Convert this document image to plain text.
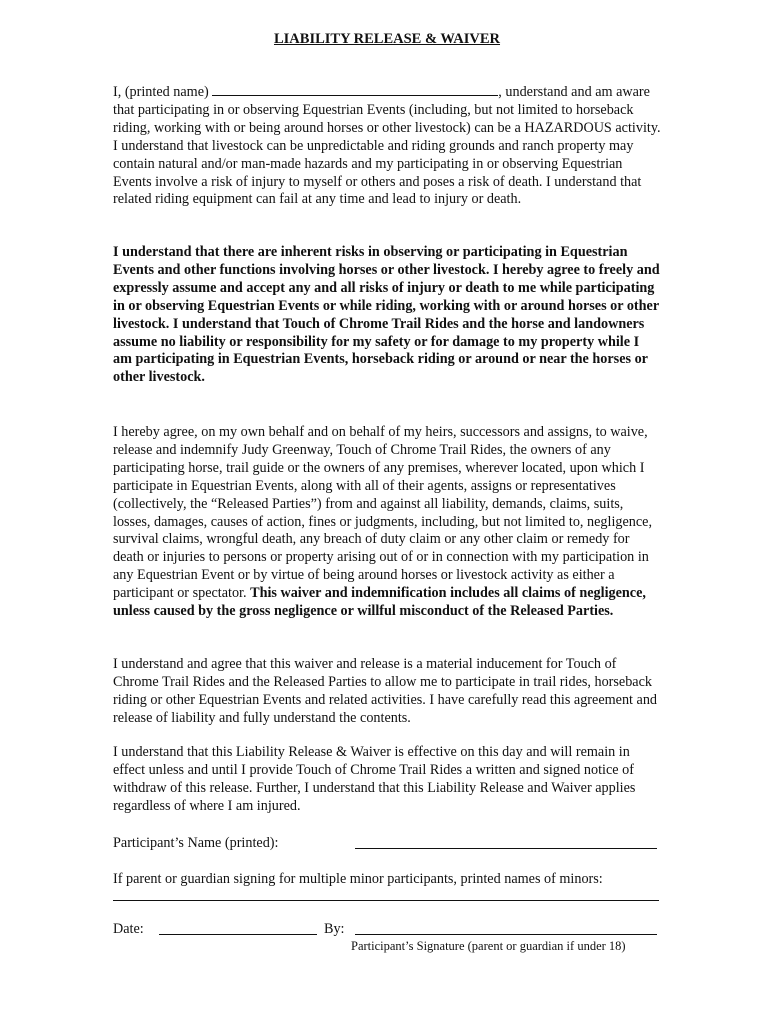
LIABILITY RELEASE & WAIVER

I, (printed name)	, understand and am aware that participating in or observing Equestrian Events (including, but not limited to horseback riding, working with or being around horses or other livestock) can be a HAZARDOUS activity. I understand that livestock can be unpredictable and riding grounds and ranch property may contain natural and/or man-made hazards and my participating in or observing Equestrian Events involve a risk of injury to myself or others and poses a risk of death. I understand that related riding equipment can fail at any time and lead to injury or death.

I understand that there are inherent risks in observing or participating in Equestrian Events and other functions involving horses or other livestock. I hereby agree to freely and expressly assume and accept any and all risks of injury or death to me while participating in or observing Equestrian Events or while riding, working with or around horses or other livestock. I understand that Touch of Chrome Trail Rides and the horse and landowners assume no liability or responsibility for my safety or for damage to my property while I am participating in Equestrian Events, horseback riding or around or near the horses or other livestock.

I hereby agree, on my own behalf and on behalf of my heirs, successors and assigns, to waive, release and indemnify Judy Greenway, Touch of Chrome Trail Rides, the owners of any participating horse, trail guide or the owners of any premises, wherever located, upon which I participate in Equestrian Events, along with all of their agents, assigns or representatives (collectively, the “Released Parties”) from and against all liability, demands, claims, suits, losses, damages, causes of action, fines or judgments, including, but not limited to, negligence, survival claims, wrongful death, any breach of duty claim or any other claim or remedy for death or injuries to persons or property arising out of or in connection with my participation in any Equestrian Event or by virtue of being around horses or livestock activity as either a participant or spectator. This waiver and indemnification includes all claims of negligence, unless caused by the gross negligence or willful misconduct of the Released Parties.

I understand and agree that this waiver and release is a material inducement for Touch of Chrome Trail Rides and the Released Parties to allow me to participate in trail rides, horseback riding or other Equestrian Events and related activities. I have carefully read this agreement and release of liability and fully understand the contents.

I understand that this Liability Release & Waiver is effective on this day and will remain in effect unless and until I provide Touch of Chrome Trail Rides a written and signed notice of withdraw of this release. Further, I understand that this Liability Release and Waiver applies regardless of where I am injured.

Participant’s Name (printed):
If parent or guardian signing for multiple minor participants, printed names of minors:
Date:	By:
Participant’s Signature (parent or guardian if under 18)
